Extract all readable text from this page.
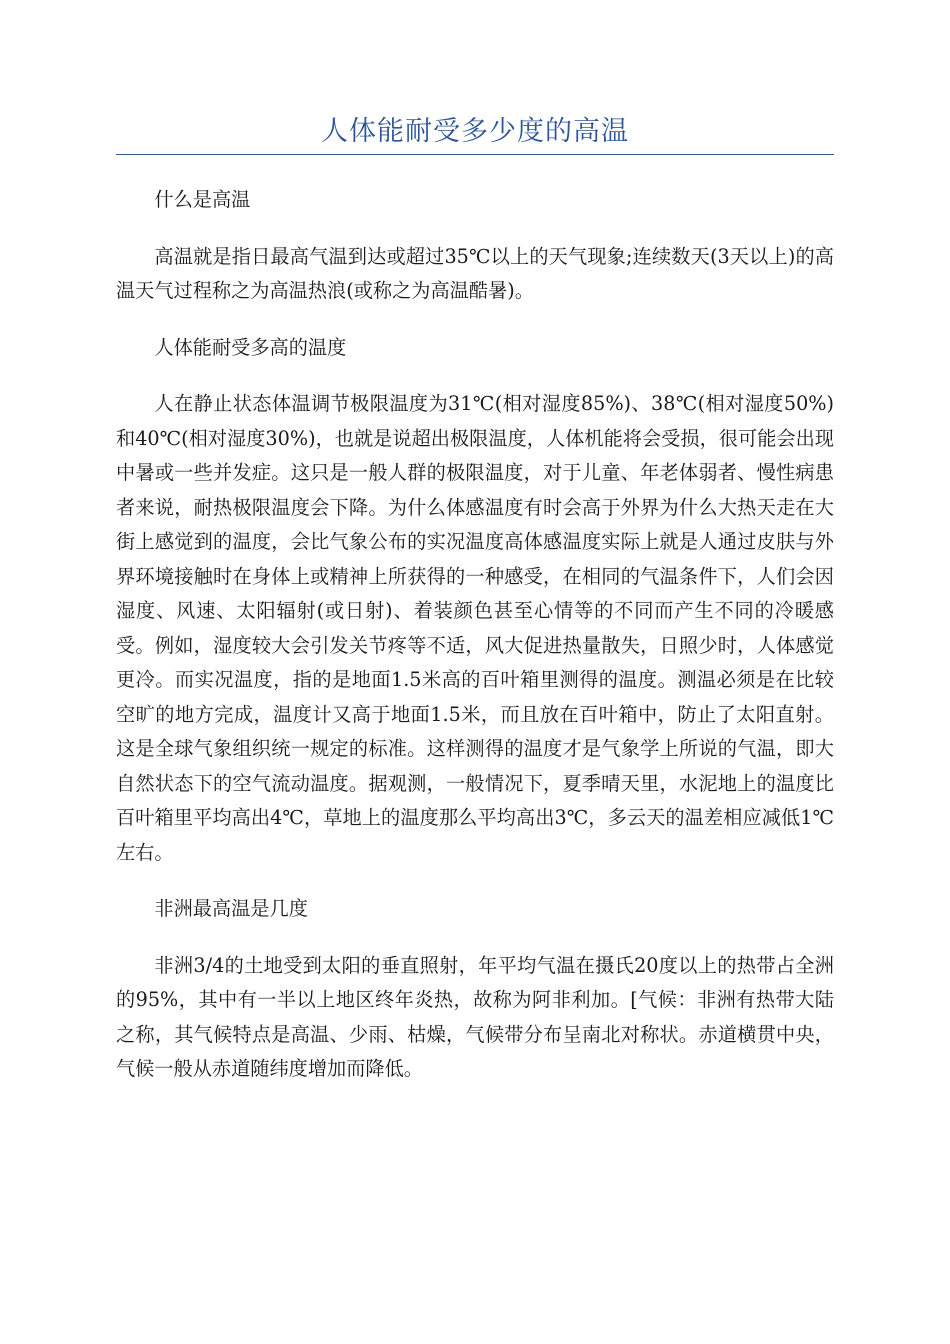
人体能耐受多少度的高温

什么是高温

高温就是指日最高气温到达或超过35℃以上的天气现象;连续数天(3天以上)的高温天气过程称之为高温热浪(或称之为高温酷暑)。

人体能耐受多高的温度

人在静止状态体温调节极限温度为31℃(相对湿度85%)、38℃(相对湿度50%)和40℃(相对湿度30%)，也就是说超出极限温度，人体机能将会受损，很可能会出现中暑或一些并发症。这只是一般人群的极限温度，对于儿童、年老体弱者、慢性病患者来说，耐热极限温度会下降。为什么体感温度有时会高于外界为什么大热天走在大街上感觉到的温度，会比气象公布的实况温度高体感温度实际上就是人通过皮肤与外界环境接触时在身体上或精神上所获得的一种感受，在相同的气温条件下，人们会因湿度、风速、太阳辐射(或日射)、着装颜色甚至心情等的不同而产生不同的冷暖感受。例如，湿度较大会引发关节疼等不适，风大促进热量散失，日照少时，人体感觉更冷。而实况温度，指的是地面1.5米高的百叶箱里测得的温度。测温必须是在比较空旷的地方完成，温度计又高于地面1.5米，而且放在百叶箱中，防止了太阳直射。这是全球气象组织统一规定的标准。这样测得的温度才是气象学上所说的气温，即大自然状态下的空气流动温度。据观测，一般情况下，夏季晴天里，水泥地上的温度比百叶箱里平均高出4℃，草地上的温度那么平均高出3℃，多云天的温差相应减低1℃左右。

非洲最高温是几度

非洲3/4的土地受到太阳的垂直照射，年平均气温在摄氏20度以上的热带占全洲的95%，其中有一半以上地区终年炎热，故称为阿非利加。[气候：非洲有热带大陆之称，其气候特点是高温、少雨、枯燥，气候带分布呈南北对称状。赤道横贯中央，气候一般从赤道随纬度增加而降低。
